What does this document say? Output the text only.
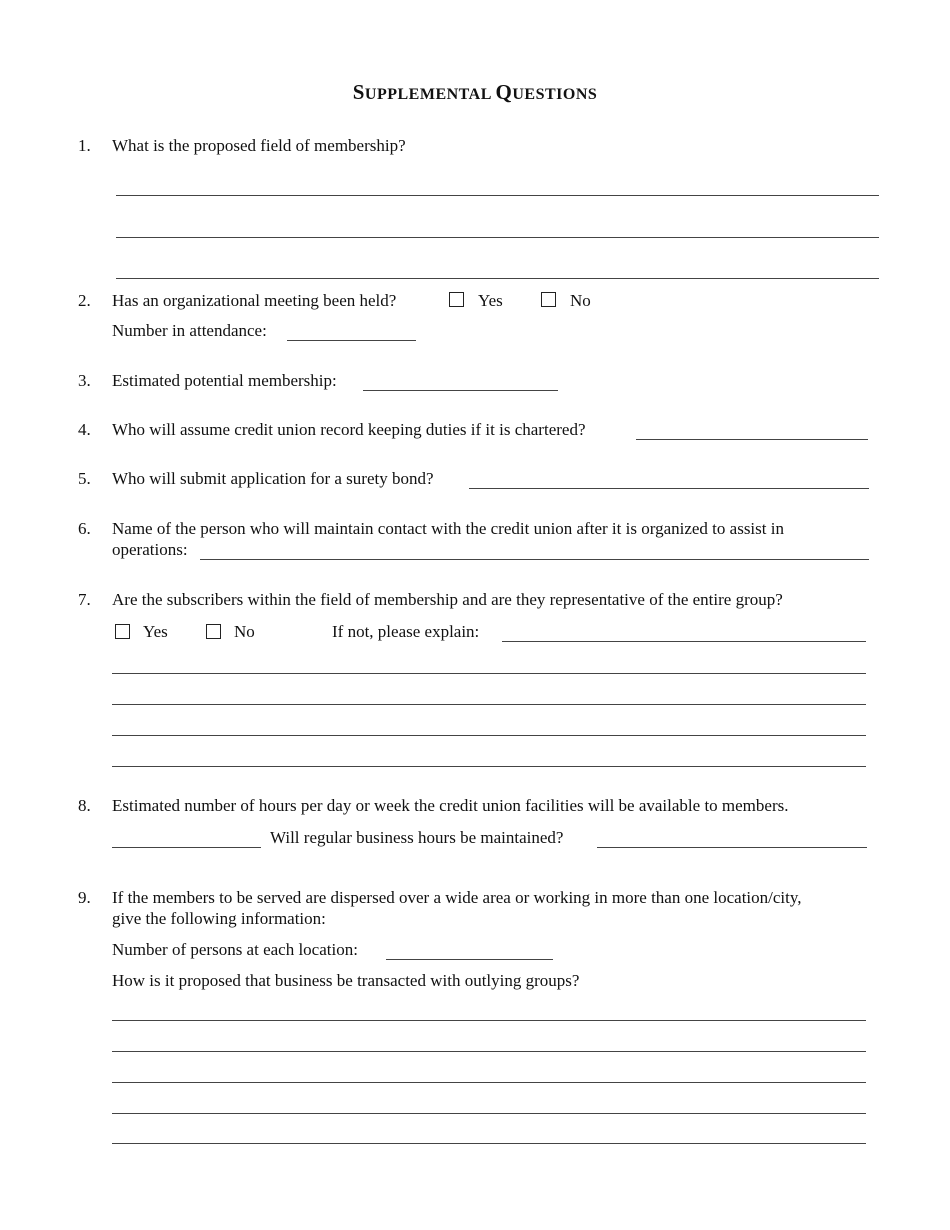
SUPPLEMENTAL QUESTIONS
1. What is the proposed field of membership?
2. Has an organizational meeting been held?	Yes	No
Number in attendance:
3. Estimated potential membership:
4. Who will assume credit union record keeping duties if it is chartered?
5. Who will submit application for a surety bond?
6. Name of the person who will maintain contact with the credit union after it is organized to assist in
operations:
7. Are the subscribers within the field of membership and are they representative of the entire group?
Yes	No	If not, please explain:
8. Estimated number of hours per day or week the credit union facilities will be available to members.
Will regular business hours be maintained?
9. If the members to be served are dispersed over a wide area or working in more than one location/city,
give the following information:
Number of persons at each location:
How is it proposed that business be transacted with outlying groups?
